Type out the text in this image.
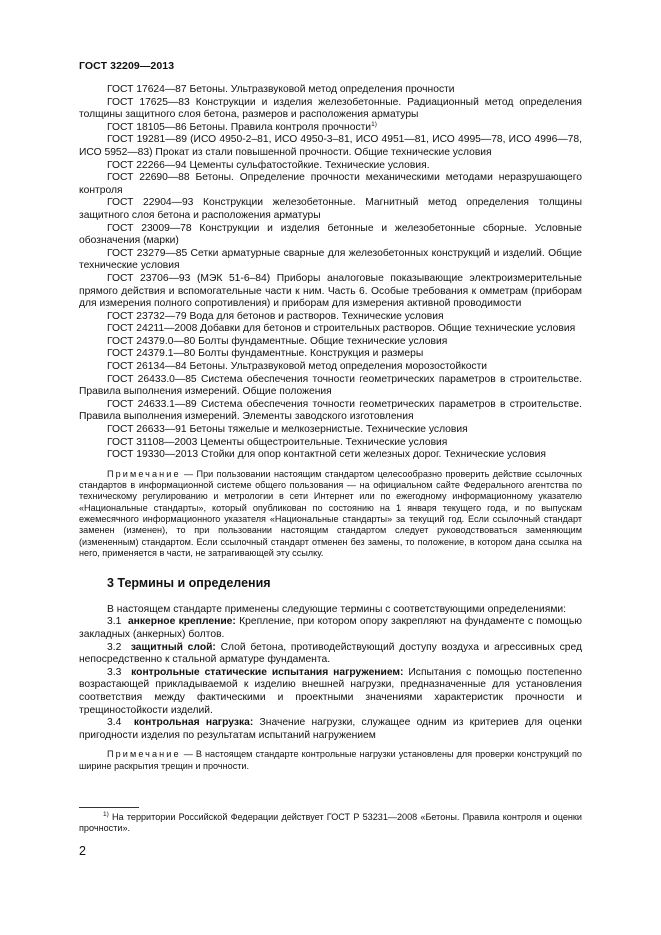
ГОСТ 32209—2013

ГОСТ 17624—87 Бетоны. Ультразвуковой метод определения прочности

ГОСТ 17625—83 Конструкции и изделия железобетонные. Радиационный метод определения толщины защитного слоя бетона, размеров и расположения арматуры

ГОСТ 18105—86 Бетоны. Правила контроля прочности$^{1)}$

ГОСТ 19281—89 (ИСО 4950-2–81, ИСО 4950-3–81, ИСО 4951—81, ИСО 4995—78, ИСО 4996—78, ИСО 5952—83) Прокат из стали повышенной прочности. Общие технические условия

ГОСТ 22266—94 Цементы сульфатостойкие. Технические условия.

ГОСТ 22690—88 Бетоны. Определение прочности механическими методами неразрушающего контроля

ГОСТ 22904—93 Конструкции железобетонные. Магнитный метод определения толщины защитного слоя бетона и расположения арматуры

ГОСТ 23009—78 Конструкции и изделия бетонные и железобетонные сборные. Условные обозначения (марки)

ГОСТ 23279—85 Сетки арматурные сварные для железобетонных конструкций и изделий. Общие технические условия

ГОСТ 23706—93 (МЭК 51-6–84) Приборы аналоговые показывающие электроизмерительные прямого действия и вспомогательные части к ним. Часть 6. Особые требования к омметрам (приборам для измерения полного сопротивления) и приборам для измерения активной проводимости

ГОСТ 23732—79 Вода для бетонов и растворов. Технические условия

ГОСТ 24211—2008 Добавки для бетонов и строительных растворов. Общие технические условия

ГОСТ 24379.0—80 Болты фундаментные. Общие технические условия

ГОСТ 24379.1—80 Болты фундаментные. Конструкция и размеры

ГОСТ 26134—84 Бетоны. Ультразвуковой метод определения морозостойкости

ГОСТ 26433.0—85 Система обеспечения точности геометрических параметров в строительстве. Правила выполнения измерений. Общие положения

ГОСТ 24633.1—89 Система обеспечения точности геометрических параметров в строительстве. Правила выполнения измерений. Элементы заводского изготовления

ГОСТ 26633—91 Бетоны тяжелые и мелкозернистые. Технические условия

ГОСТ 31108—2003 Цементы общестроительные. Технические условия

ГОСТ 19330—2013 Стойки для опор контактной сети железных дорог. Технические условия

Примечание — При пользовании настоящим стандартом целесообразно проверить действие ссылочных стандартов в информационной системе общего пользования — на официальном сайте Федерального агентства по техническому регулированию и метрологии в сети Интернет или по ежегодному информационному указателю «Национальные стандарты», который опубликован по состоянию на 1 января текущего года, и по выпускам ежемесячного информационного указателя «Национальные стандарты» за текущий год. Если ссылочный стандарт заменен (изменен), то при пользовании настоящим стандартом следует руководствоваться заменяющим (измененным) стандартом. Если ссылочный стандарт отменен без замены, то положение, в котором дана ссылка на него, применяется в части, не затрагивающей эту ссылку.

3 Термины и определения

В настоящем стандарте применены следующие термины с соответствующими определениями:

3.1 анкерное крепление: Крепление, при котором опору закрепляют на фундаменте с помощью закладных (анкерных) болтов.

3.2 защитный слой: Слой бетона, противодействующий доступу воздуха и агрессивных сред непосредственно к стальной арматуре фундамента.

3.3 контрольные статические испытания нагружением: Испытания с помощью постепенно возрастающей прикладываемой к изделию внешней нагрузки, предназначенные для установления соответствия между фактическими и проектными значениями характеристик прочности и трещиностойкости изделий.

3.4 контрольная нагрузка: Значение нагрузки, служащее одним из критериев для оценки пригодности изделия по результатам испытаний нагружением

Примечание — В настоящем стандарте контрольные нагрузки установлены для проверки конструкций по ширине раскрытия трещин и прочности.

$^{1)}$ На территории Российской Федерации действует ГОСТ Р 53231—2008 «Бетоны. Правила контроля и оценки прочности».

2
